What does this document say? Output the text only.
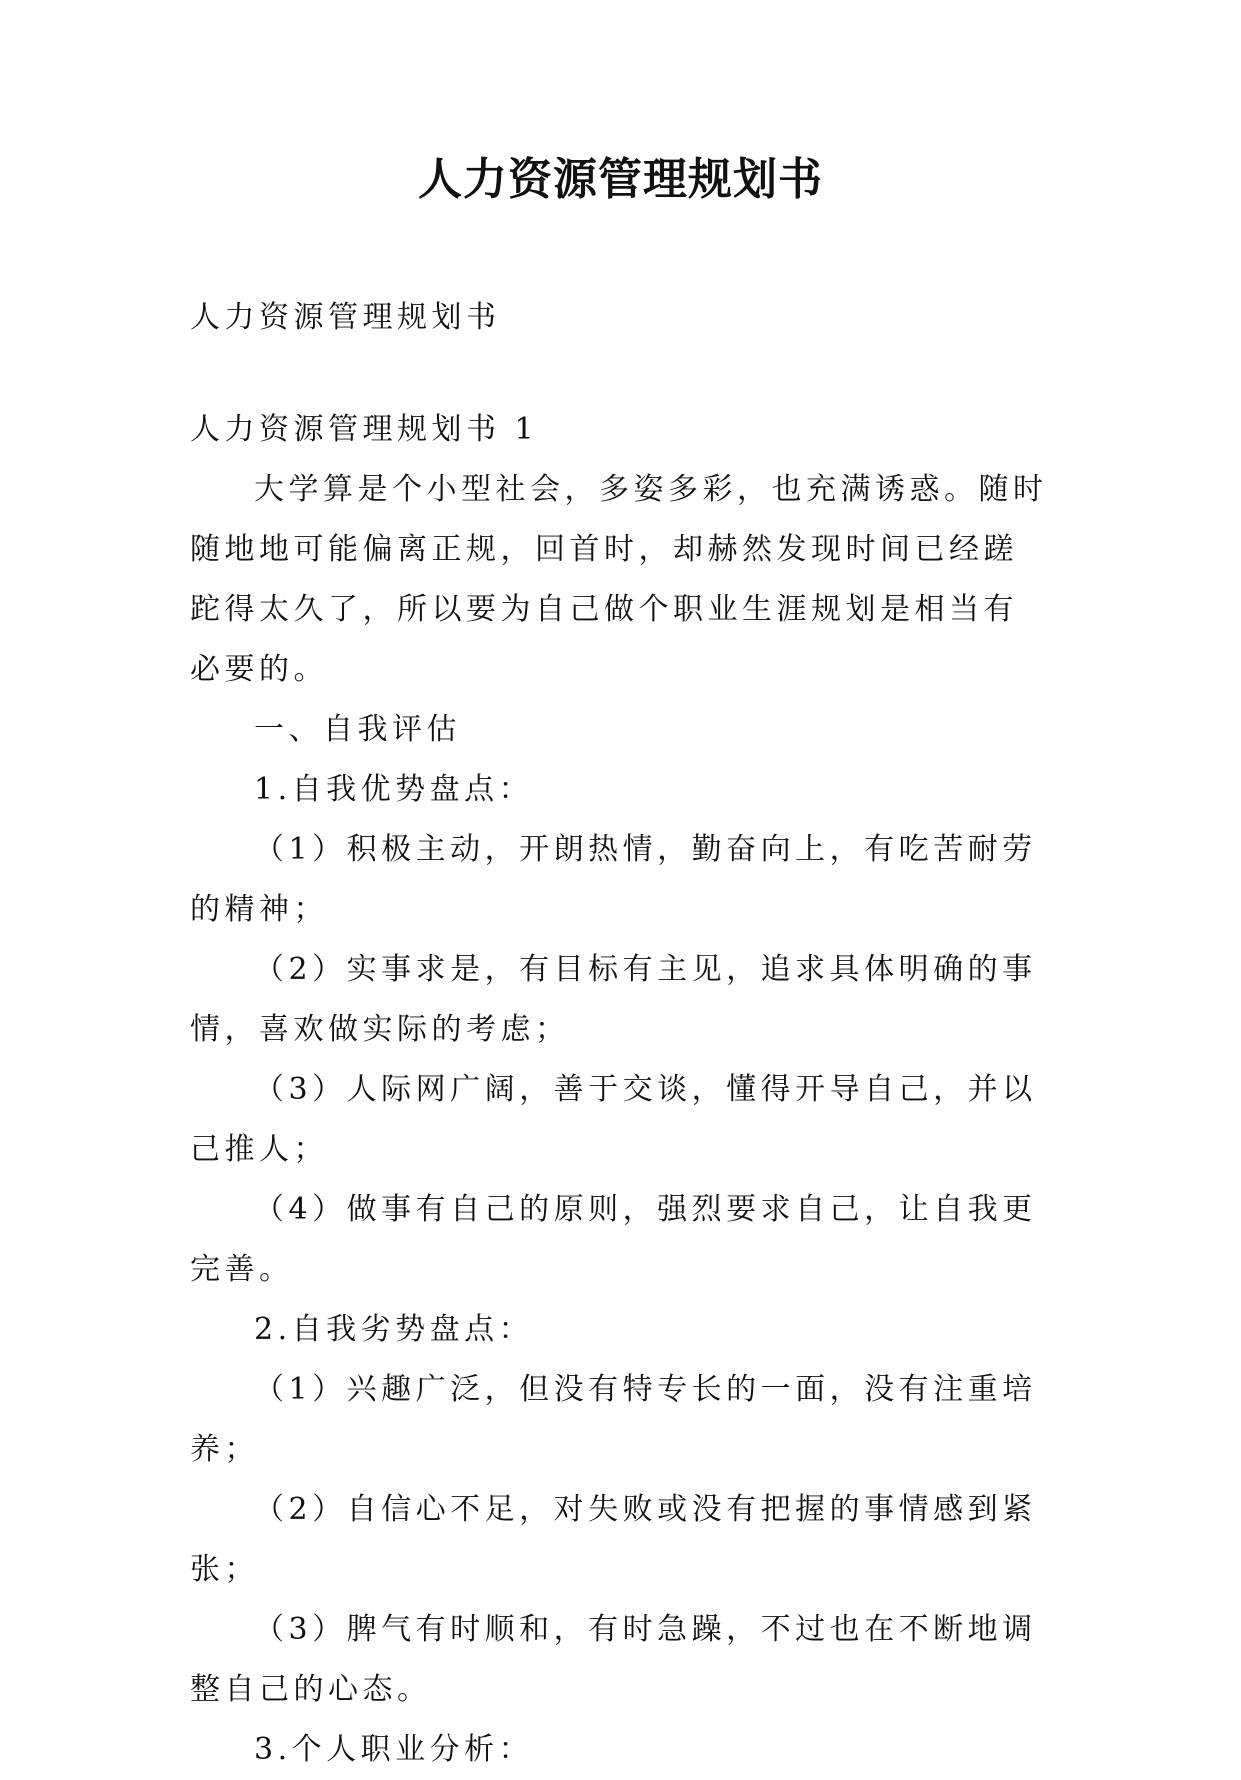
人力资源管理规划书

人力资源管理规划书

人力资源管理规划书 1

大学算是个小型社会，多姿多彩，也充满诱惑。随时随地地可能偏离正规，回首时，却赫然发现时间已经蹉跎得太久了，所以要为自己做个职业生涯规划是相当有必要的。

一、自我评估

1.自我优势盘点：

（1）积极主动，开朗热情，勤奋向上，有吃苦耐劳的精神；

（2）实事求是，有目标有主见，追求具体明确的事情，喜欢做实际的考虑；

（3）人际网广阔，善于交谈，懂得开导自己，并以己推人；

（4）做事有自己的原则，强烈要求自己，让自我更完善。

2.自我劣势盘点：

（1）兴趣广泛，但没有特专长的一面，没有注重培养；

（2）自信心不足，对失败或没有把握的事情感到紧张；

（3）脾气有时顺和，有时急躁，不过也在不断地调整自己的心态。

3.个人职业分析：
